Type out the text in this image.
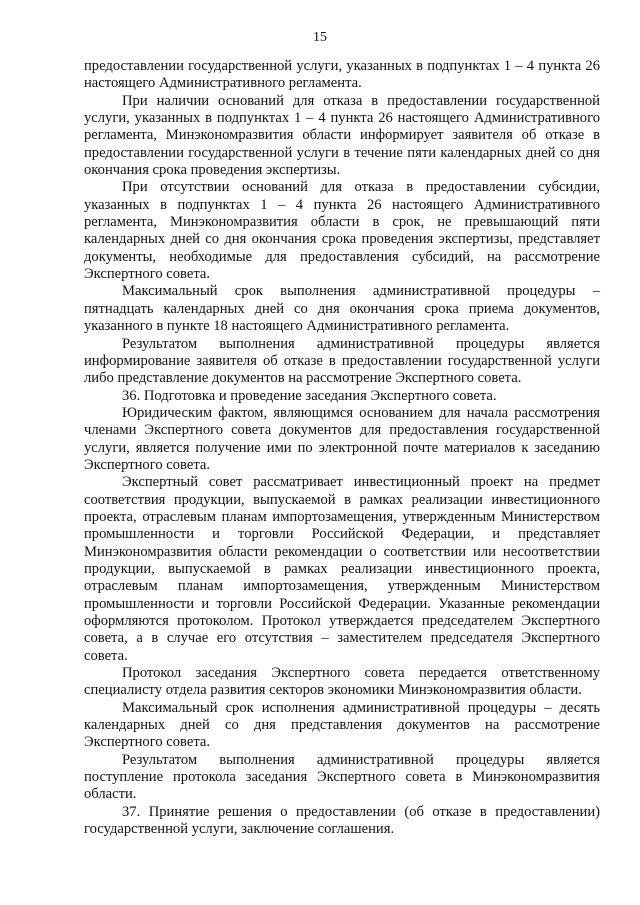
15

предоставлении государственной услуги, указанных в подпунктах 1 – 4 пункта 26 настоящего Административного регламента.

При наличии оснований для отказа в предоставлении государственной услуги, указанных в подпунктах 1 – 4 пункта 26 настоящего Административного регламента, Минэкономразвития области информирует заявителя об отказе в предоставлении государственной услуги в течение пяти календарных дней со дня окончания срока проведения экспертизы.

При отсутствии оснований для отказа в предоставлении субсидии, указанных в подпунктах 1 – 4 пункта 26 настоящего Административного регламента, Минэкономразвития области в срок, не превышающий пяти календарных дней со дня окончания срока проведения экспертизы, представляет документы, необходимые для предоставления субсидий, на рассмотрение Экспертного совета.

Максимальный срок выполнения административной процедуры – пятнадцать календарных дней со дня окончания срока приема документов, указанного в пункте 18 настоящего Административного регламента.

Результатом выполнения административной процедуры является информирование заявителя об отказе в предоставлении государственной услуги либо представление документов на рассмотрение Экспертного совета.

36. Подготовка и проведение заседания Экспертного совета.

Юридическим фактом, являющимся основанием для начала рассмотрения членами Экспертного совета документов для предоставления государственной услуги, является получение ими по электронной почте материалов к заседанию Экспертного совета.

Экспертный совет рассматривает инвестиционный проект на предмет соответствия продукции, выпускаемой в рамках реализации инвестиционного проекта, отраслевым планам импортозамещения, утвержденным Министерством промышленности и торговли Российской Федерации, и представляет Минэкономразвития области рекомендации о соответствии или несоответствии продукции, выпускаемой в рамках реализации инвестиционного проекта, отраслевым планам импортозамещения, утвержденным Министерством промышленности и торговли Российской Федерации. Указанные рекомендации оформляются протоколом. Протокол утверждается председателем Экспертного совета, а в случае его отсутствия – заместителем председателя Экспертного совета.

Протокол заседания Экспертного совета передается ответственному специалисту отдела развития секторов экономики Минэкономразвития области.

Максимальный срок исполнения административной процедуры – десять календарных дней со дня представления документов на рассмотрение Экспертного совета.

Результатом выполнения административной процедуры является поступление протокола заседания Экспертного совета в Минэкономразвития области.

37. Принятие решения о предоставлении (об отказе в предоставлении) государственной услуги, заключение соглашения.
